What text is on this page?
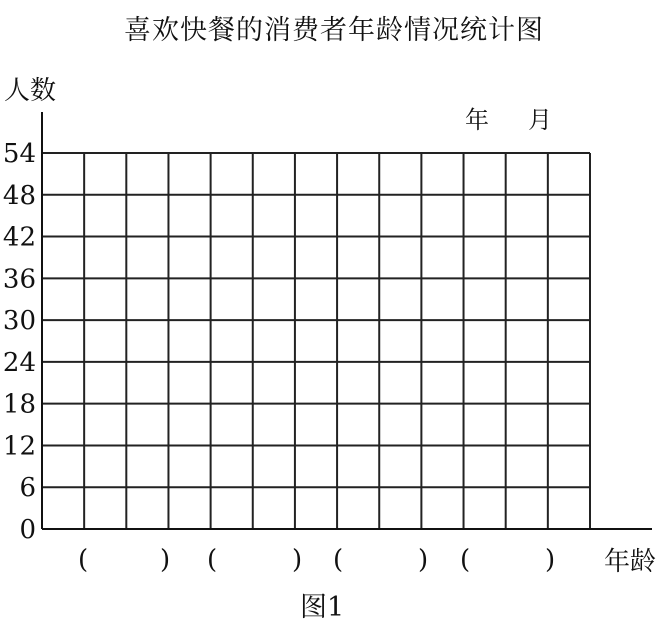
喜欢快餐的消费者年龄情况统计图
人数
年 月
年龄
图1
0
6
12
18
24
30
36
42
48
54
(	) (	) (	) (	)
